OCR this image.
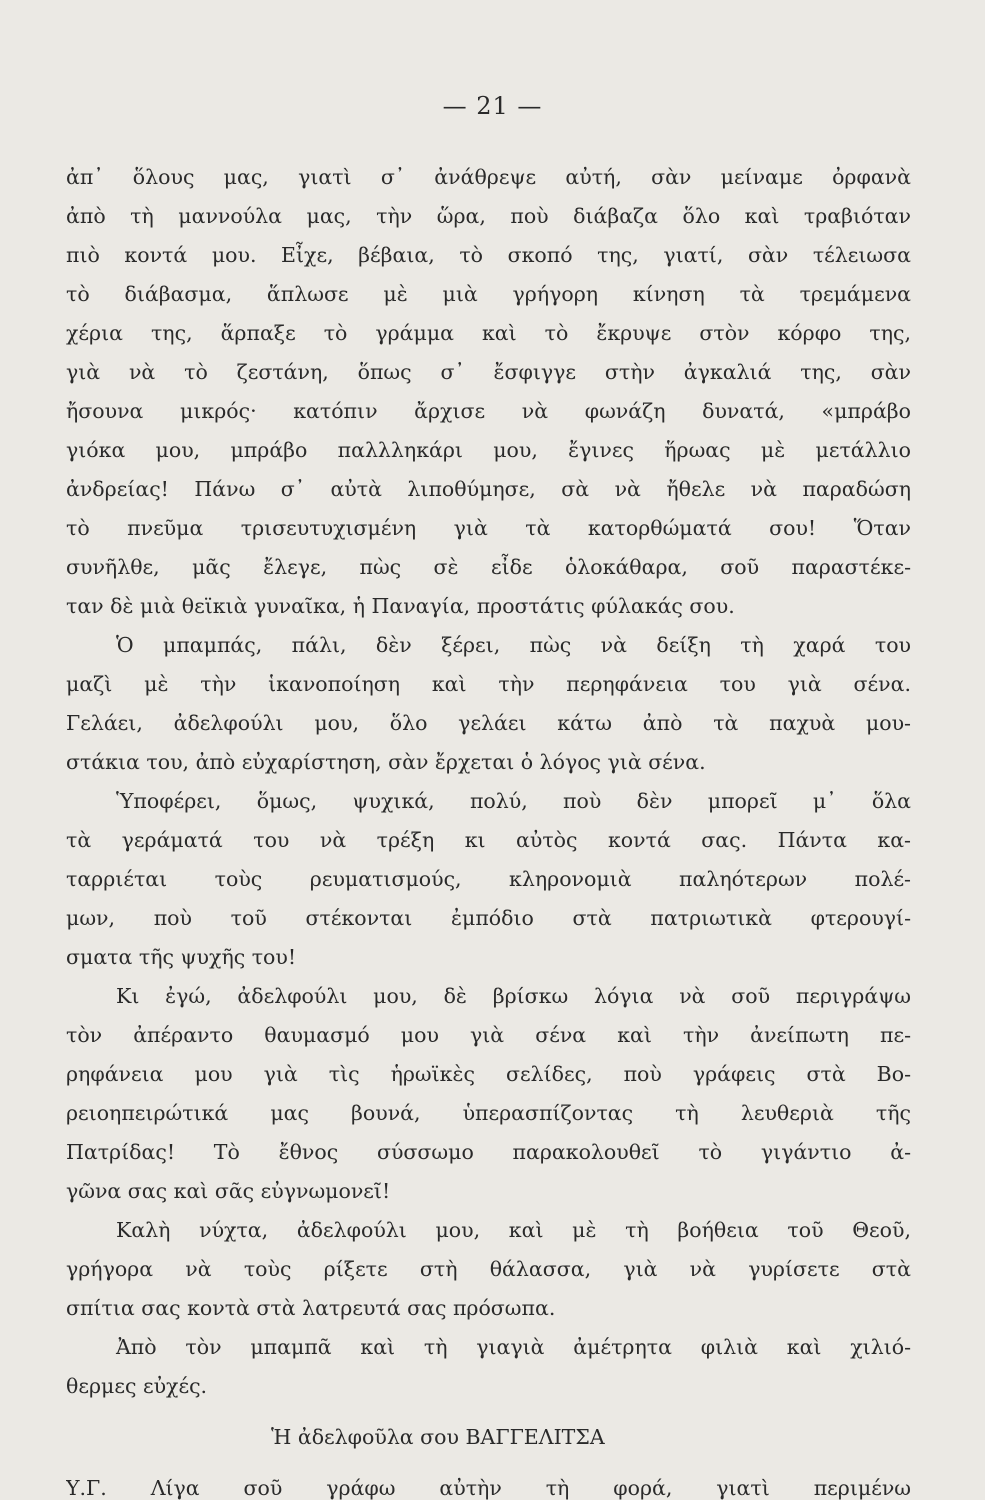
— 21 —
ἀπ᾿ ὅλους μας, γιατὶ σ᾿ ἀνάθρεψε αὐτή, σὰν μείναμε ὀρφανὰ
ἀπὸ τὴ μαννούλα μας, τὴν ὥρα, ποὺ διάβαζα ὅλο καὶ τραβιόταν
πιὸ κοντά μου. Εἶχε, βέβαια, τὸ σκοπό της, γιατί, σὰν τέλειωσα
τὸ διάβασμα, ἅπλωσε μὲ μιὰ γρήγορη κίνηση τὰ τρεμάμενα
χέρια της, ἅρπαξε τὸ γράμμα καὶ τὸ ἔκρυψε στὸν κόρφο της,
γιὰ νὰ τὸ ζεστάνη, ὅπως σ᾿ ἔσφιγγε στὴν ἀγκαλιά της, σὰν
ἤσουνα μικρός· κατόπιν ἄρχισε νὰ φωνάζη δυνατά, «μπράβο
γιόκα μου, μπράβο παλλληκάρι μου, ἔγινες ἥρωας μὲ μετάλλιο
ἀνδρείας! Πάνω σ᾿ αὐτὰ λιποθύμησε, σὰ νὰ ἤθελε νὰ παραδώση
τὸ πνεῦμα τρισευτυχισμένη γιὰ τὰ κατορθώματά σου! Ὅταν
συνῆλθε, μᾶς ἔλεγε, πὼς σὲ εἶδε ὁλοκάθαρα, σοῦ παραστέκε-
ταν δὲ μιὰ θεϊκιὰ γυναῖκα, ἡ Παναγία, προστάτις φύλακάς σου.
Ὁ μπαμπάς, πάλι, δὲν ξέρει, πὼς νὰ δείξη τὴ χαρά του
μαζὶ μὲ τὴν ἱκανοποίηση καὶ τὴν περηφάνεια του γιὰ σένα.
Γελάει, ἀδελφούλι μου, ὅλο γελάει κάτω ἀπὸ τὰ παχυὰ μου-
στάκια του, ἀπὸ εὐχαρίστηση, σὰν ἔρχεται ὁ λόγος γιὰ σένα.
Ὑποφέρει, ὅμως, ψυχικά, πολύ, ποὺ δὲν μπορεῖ μ᾿ ὅλα
τὰ γεράματά του νὰ τρέξη κι αὐτὸς κοντά σας. Πάντα κα-
ταρριέται τοὺς ρευματισμούς, κληρονομιὰ παληότερων πολέ-
μων, ποὺ τοῦ στέκονται ἐμπόδιο στὰ πατριωτικὰ φτερουγί-
σματα τῆς ψυχῆς του!
Κι ἐγώ, ἀδελφούλι μου, δὲ βρίσκω λόγια νὰ σοῦ περιγράψω
τὸν ἀπέραντο θαυμασμό μου γιὰ σένα καὶ τὴν ἀνείπωτη πε-
ρηφάνεια μου γιὰ τὶς ἡρωϊκὲς σελίδες, ποὺ γράφεις στὰ Βο-
ρειοηπειρώτικά μας βουνά, ὑπερασπίζοντας τὴ λευθεριὰ τῆς
Πατρίδας! Τὸ ἔθνος σύσσωμο παρακολουθεῖ τὸ γιγάντιο ἀ-
γῶνα σας καὶ σᾶς εὐγνωμονεῖ!
Καλὴ νύχτα, ἀδελφούλι μου, καὶ μὲ τὴ βοήθεια τοῦ Θεοῦ,
γρήγορα νὰ τοὺς ρίξετε στὴ θάλασσα, γιὰ νὰ γυρίσετε στὰ
σπίτια σας κοντὰ στὰ λατρευτά σας πρόσωπα.
Ἀπὸ τὸν μπαμπᾶ καὶ τὴ γιαγιὰ ἀμέτρητα φιλιὰ καὶ χιλιό-
θερμες εὐχές.
Ἡ ἀδελφοῦλα σου ΒΑΓΓΕΛΙΤΣΑ
Υ.Γ. Λίγα σοῦ γράφω αὐτὴν τὴ φορά, γιατὶ περιμένω
